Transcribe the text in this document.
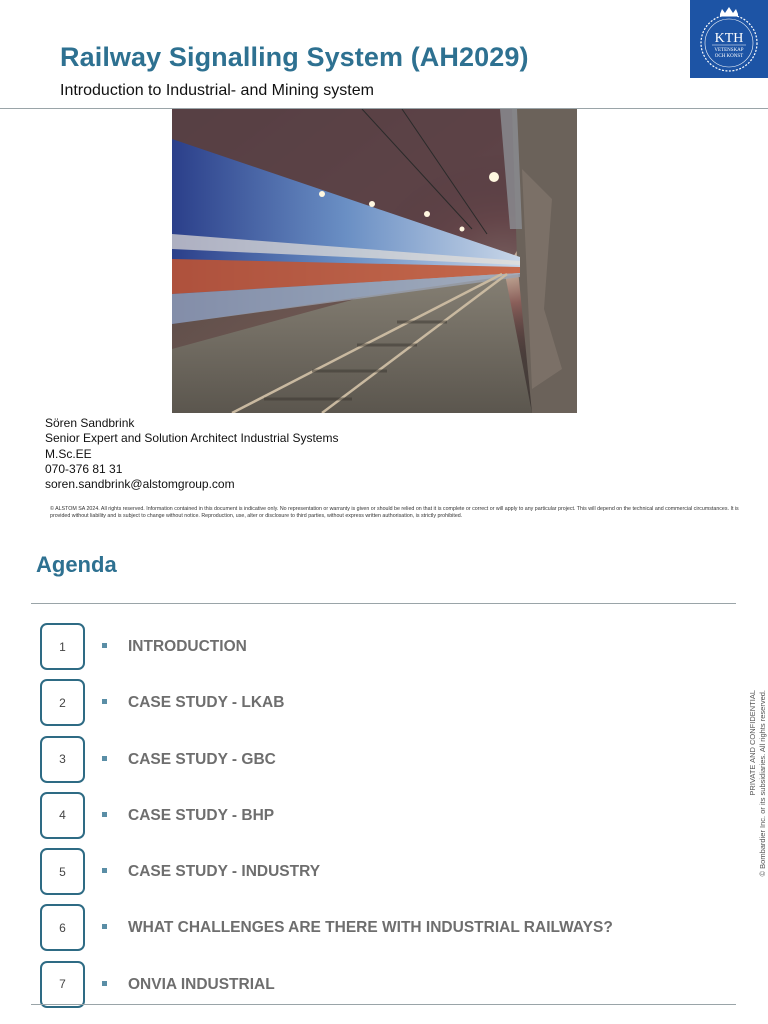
Railway Signalling System (AH2029)
Introduction to Industrial- and Mining system
KTH
VETENSKAP
OCH KONST
Sören Sandbrink
Senior Expert and Solution Architect Industrial Systems
M.Sc.EE
070-376 81 31
soren.sandbrink@alstomgroup.com
© ALSTOM SA 2024. All rights reserved. Information contained in this document is indicative only. No representation or warranty is given or should be relied on that it is complete or correct or will apply to any particular project. This will depend on the technical and commercial circumstances. It is provided without liability and is subject to change without notice. Reproduction, use, alter or disclosure to third parties, without express written authorisation, is strictly prohibited.
Agenda
1	INTRODUCTION
2	CASE STUDY - LKAB
3	CASE STUDY - GBC
4	CASE STUDY - BHP
5	CASE STUDY - INDUSTRY
6	WHAT CHALLENGES ARE THERE WITH INDUSTRIAL RAILWAYS?
7	ONVIA INDUSTRIAL
PRIVATE AND CONFIDENTIAL © Bombardier Inc. or its subsidiaries. All rights reserved.
